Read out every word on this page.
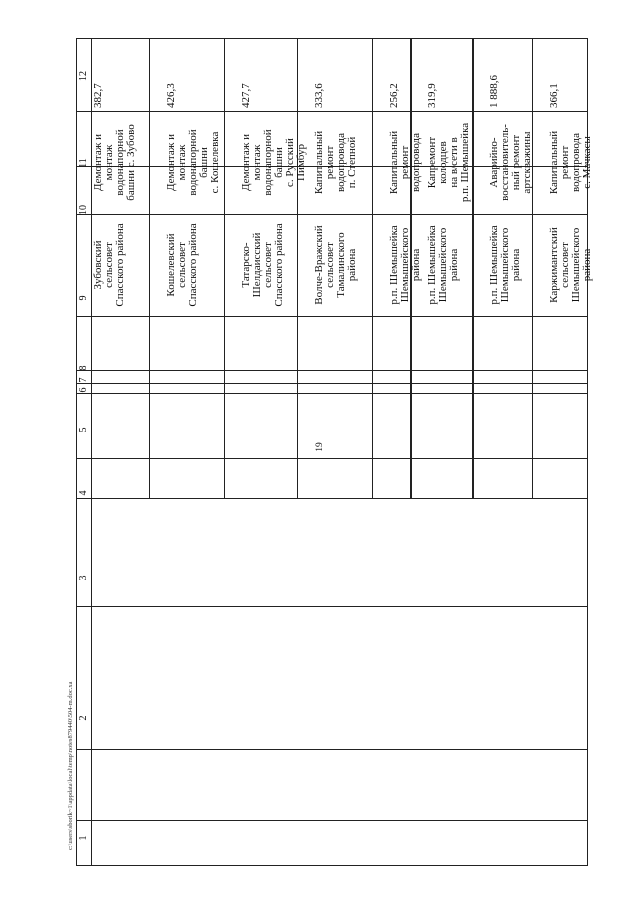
19
c:\users\sborik~1\appdata\local\temp\notes879440\504-m.doc.xa
12
11
10
9
8
7
6
5
4
3
2
1
382,7
Демонтаж и
монтаж
водонапорной
башни с. Зубово
Зубовский сельсовет
Спасского района
426,3
Демонтаж и
монтаж
водонапорной
башни
с. Кошелевка
Кошелевский
сельсовет
Спасского района
427,7
Демонтаж и
монтаж
водонапорной
башни
с. Русский
Пимбур
Татарско-
Шелдаисский
сельсовет
Спасского района
333,6
Капитальный
ремонт
водопровода
п. Степной
Волче-Вражский
сельсовет
Тамалинского
района
256,2
Капитальный
ремонт
водопровода
р.п. Шемышейка
Шемышейского
района
319,9
Капремонт
колодцев
на в/сети в
р.п. Шемышейка
р.п. Шемышейка
Шемышейского
района
1 888,6
Аварийно-
восстановитель-
ный ремонт
артскважины
р.п. Шемышейка
Шемышейского
района
366,1
Капитальный
ремонт
водопровода
с. Мачкасы
Каржимантский
сельсовет
Шемышейского
района
